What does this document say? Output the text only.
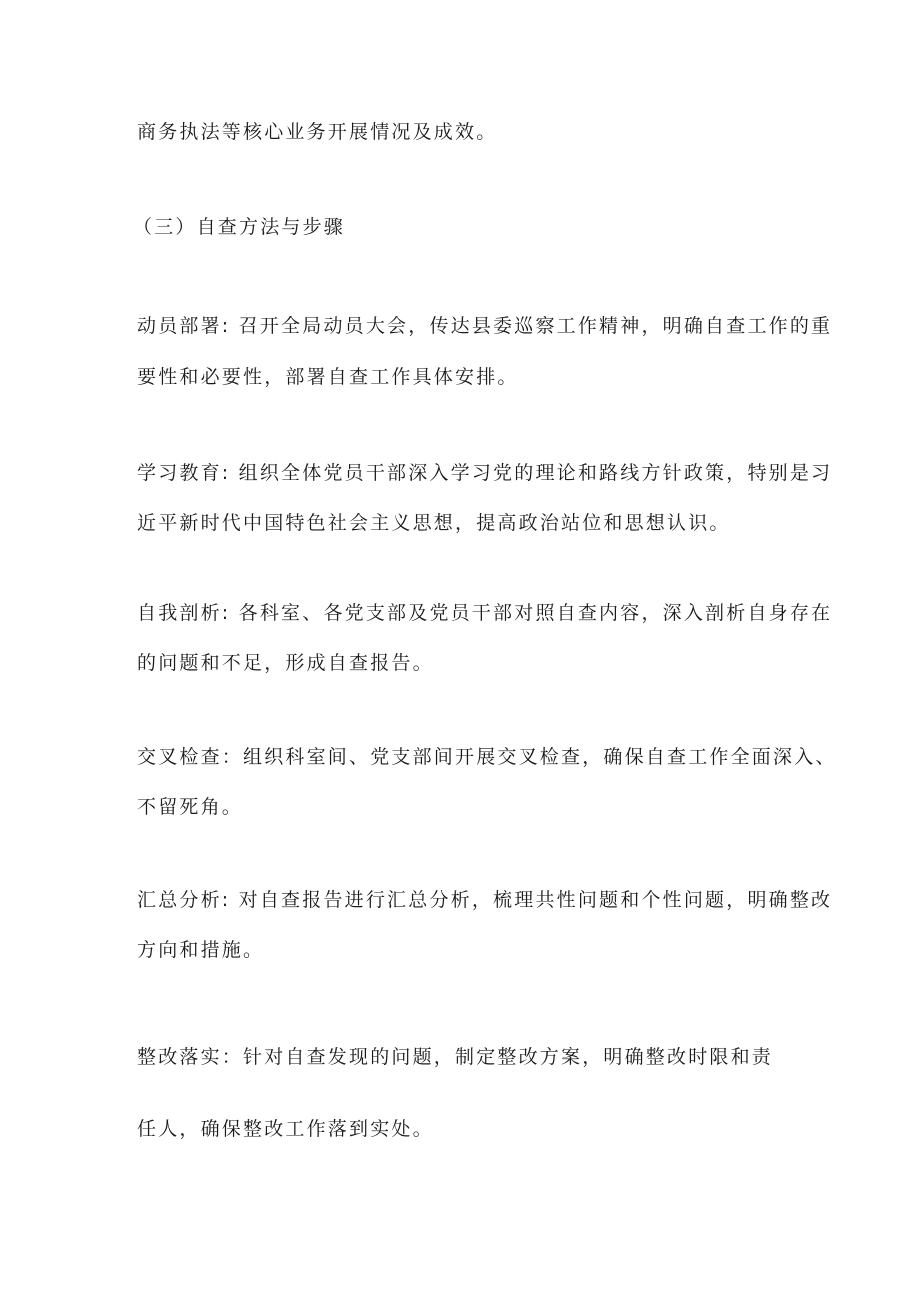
商务执法等核心业务开展情况及成效。
（三）自查方法与步骤
动员部署: 召开全局动员大会，传达县委巡察工作精神，明确自查工作的重
要性和必要性，部署自查工作具体安排。
学习教育: 组织全体党员干部深入学习党的理论和路线方针政策，特别是习
近平新时代中国特色社会主义思想，提高政治站位和思想认识。
自我剖析: 各科室、各党支部及党员干部对照自查内容，深入剖析自身存在
的问题和不足，形成自查报告。
交叉检查：组织科室间、党支部间开展交叉检查，确保自查工作全面深入、
不留死角。
汇总分析: 对自查报告进行汇总分析，梳理共性问题和个性问题，明确整改
方向和措施。
整改落实：针对自查发现的问题，制定整改方案，明确整改时限和责
任人，确保整改工作落到实处。
